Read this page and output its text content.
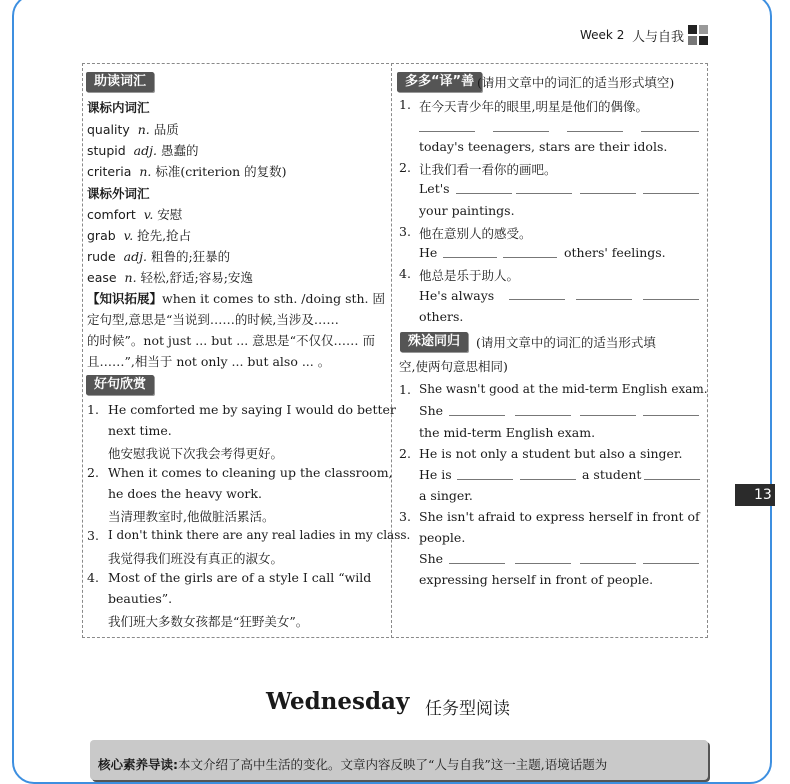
Week 2 人与自我
助读词汇
课标内词汇
quality n. 品质
stupid adj. 愚蠢的
criteria n. 标准(criterion 的复数)
课标外词汇
comfort v. 安慰
grab v. 抢先,抢占
rude adj. 粗鲁的;狂暴的
ease n. 轻松,舒适;容易;安逸
【知识拓展】when it comes to sth. /doing sth. 固
定句型,意思是“当说到……的时候,当涉及……
的时候”。not just ... but ... 意思是“不仅仅…… 而
且……”,相当于 not only ... but also ... 。
好句欣赏
1. He comforted me by saying I would do better
next time.
他安慰我说下次我会考得更好。
2. When it comes to cleaning up the classroom,
he does the heavy work.
当清理教室时,他做脏活累活。
3. I don't think there are any real ladies in my class.
我觉得我们班没有真正的淑女。
4. Most of the girls are of a style I call “wild
beauties”.
我们班大多数女孩都是“狂野美女”。
多多“译”善 (请用文章中的词汇的适当形式填空)
1. 在今天青少年的眼里,明星是他们的偶像。
today's teenagers, stars are their idols.
2. 让我们看一看你的画吧。
Let's
your paintings.
3. 他在意别人的感受。
He	others' feelings.
4. 他总是乐于助人。
He's always
others.
殊途同归	(请用文章中的词汇的适当形式填
空,使两句意思相同)
1. She wasn't good at the mid-term English exam.
She
the mid-term English exam.
2. He is not only a student but also a singer.
He is	a student
a singer.
3. She isn't afraid to express herself in front of
people.
She
expressing herself in front of people.
13
Wednesday 任务型阅读
核心素养导读:本文介绍了高中生活的变化。文章内容反映了“人与自我”这一主题,语境话题为
